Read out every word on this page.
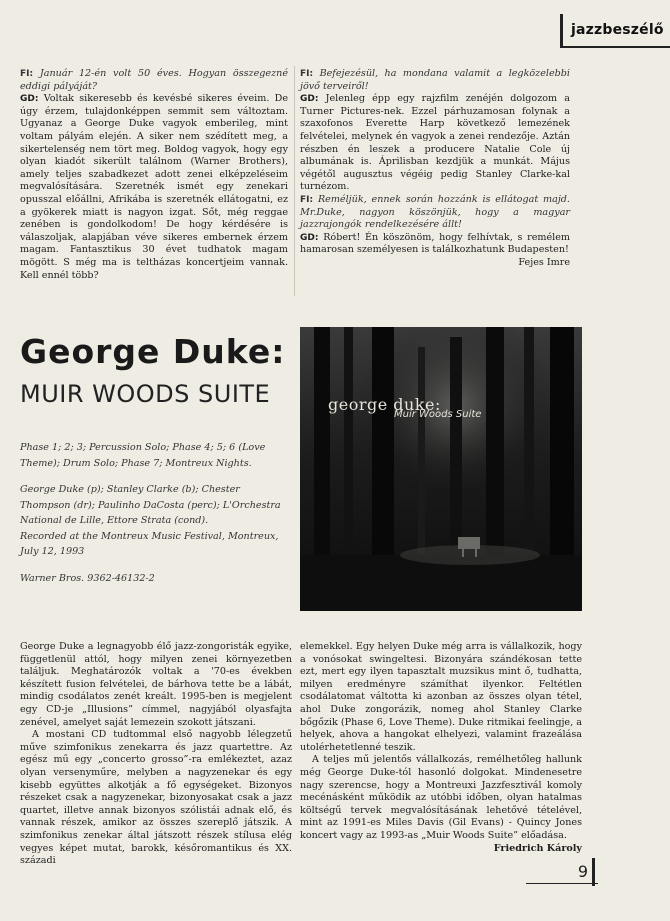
jazzbeszélő

FI: Január 12-én volt 50 éves. Hogyan összegezné eddigi pályáját?

GD: Voltak sikeresebb és kevésbé sikeres éveim. De úgy érzem, tulajdonképpen semmit sem változtam. Ugyanaz a George Duke vagyok emberileg, mint voltam pályám elején. A siker nem szédített meg, a sikertelenség nem tört meg. Boldog vagyok, hogy egy olyan kiadót sikerült találnom (Warner Brothers), amely teljes szabadkezet adott zenei elképzeléseim megvalósítására. Szeretnék ismét egy zenekari opusszal előállni, Afrikába is szeretnék ellátogatni, ez a gyökerek miatt is nagyon izgat. Sőt, még reggae zenében is gondolkodom! De hogy kérdésére is válaszoljak, alapjában véve sikeres embernek érzem magam. Fantasztikus 30 évet tudhatok magam mögött. S még ma is teltházas koncertjeim vannak. Kell ennél több?

FI: Befejezésül, ha mondana valamit a legközelebbi jövő terveiről!

GD: Jelenleg épp egy rajzfilm zenéjén dolgozom a Turner Pictures-nek. Ezzel párhuzamosan folynak a szaxofonos Everette Harp következő lemezének felvételei, melynek én vagyok a zenei rendezője. Aztán részben én leszek a producere Natalie Cole új albumának is. Áprilisban kezdjük a munkát. Május végétől augusztus végéig pedig Stanley Clarke-kal turnézom.

FI: Reméljük, ennek során hozzánk is ellátogat majd. Mr.Duke, nagyon köszönjük, hogy a magyar jazzrajongók rendelkezésére állt!

GD: Róbert! Én köszönöm, hogy felhívtak, s remélem hamarosan személyesen is találkozhatunk Budapesten!

Fejes Imre

George Duke:
MUIR WOODS SUITE

Phase 1; 2; 3; Percussion Solo; Phase 4; 5; 6 (Love Theme); Drum Solo; Phase 7; Montreux Nights.

George Duke (p); Stanley Clarke (b); Chester Thompson (dr); Paulinho DaCosta (perc); L'Orchestra National de Lille, Ettore Strata (cond).
Recorded at the Montreux Music Festival, Montreux, July 12, 1993

Warner Bros. 9362-46132-2

george duke:
Muir Woods Suite

George Duke a legnagyobb élő jazz-zongoristák egyike, függetlenül attól, hogy milyen zenei környezetben találjuk. Meghatározók voltak a '70-es években készített fusion felvételei, de bárhova tette be a lábát, mindig csodálatos zenét kreált. 1995-ben is megjelent egy CD-je „Illusions” címmel, nagyjából olyasfajta zenével, amelyet saját lemezein szokott játszani.

A mostani CD tudtommal első nagyobb lélegzetű műve szimfonikus zenekarra és jazz quartettre. Az egész mű egy „concerto grosso”-ra emlékeztet, azaz olyan versenyműre, melyben a nagyzenekar és egy kisebb együttes alkotják a fő egységeket. Bizonyos részeket csak a nagyzenekar, bizonyosakat csak a jazz quartet, illetve annak bizonyos szólistái adnak elő, és vannak részek, amikor az összes szereplő játszik. A szimfonikus zenekar által játszott részek stílusa elég vegyes képet mutat, barokk, későromantikus és XX. századi

elemekkel. Egy helyen Duke még arra is vállalkozik, hogy a vonósokat swingeltesi. Bizonyára szándékosan tette ezt, mert egy ilyen tapasztalt muzsikus mint ő, tudhatta, milyen eredményre számíthat ilyenkor. Feltétlen csodálatomat váltotta ki azonban az összes olyan tétel, ahol Duke zongorázik, nomeg ahol Stanley Clarke bőgőzik (Phase 6, Love Theme). Duke ritmikai feelingje, a helyek, ahova a hangokat elhelyezi, valamint frazeálása utolérhetetlenné teszik.

A teljes mű jelentős vállalkozás, remélhetőleg hallunk még George Duke-tól hasonló dolgokat. Mindenesetre nagy szerencse, hogy a Montreuxi Jazzfesztivál komoly mecénásként működik az utóbbi időben, olyan hatalmas költségű tervek megvalósításának lehetővé tételével, mint az 1991-es Miles Davis (Gil Evans) - Quincy Jones koncert vagy az 1993-as „Muir Woods Suite” előadása.

Friedrich Károly

9
